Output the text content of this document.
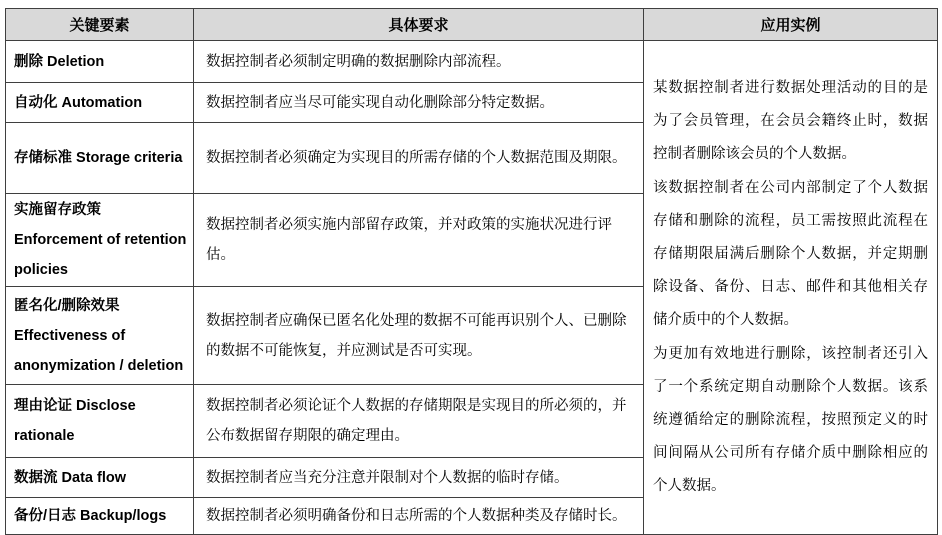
关键要素	具体要求	应用实例
删除 Deletion	数据控制者必须制定明确的数据删除内部流程。	某数据控制者进行数据处理活动的目的是为了会员管理，在会员会籍终止时，数据控制者删除该会员的个人数据。

该数据控制者在公司内部制定了个人数据存储和删除的流程，员工需按照此流程在存储期限届满后删除个人数据，并定期删除设备、备份、日志、邮件和其他相关存储介质中的个人数据。

为更加有效地进行删除，该控制者还引入了一个系统定期自动删除个人数据。该系统遵循给定的删除流程，按照预定义的时间间隔从公司所有存储介质中删除相应的个人数据。

自动化 Automation	数据控制者应当尽可能实现自动化删除部分特定数据。	
存储标准 Storage criteria	数据控制者必须确定为实现目的所需存储的个人数据范围及期限。	
实施留存政策 Enforcement of retention policies	数据控制者必须实施内部留存政策，并对政策的实施状况进行评估。	
匿名化/删除效果 Effectiveness of anonymization / deletion	数据控制者应确保已匿名化处理的数据不可能再识别个人、已删除的数据不可能恢复，并应测试是否可实现。	
理由论证 Disclose rationale	数据控制者必须论证个人数据的存储期限是实现目的所必须的，并公布数据留存期限的确定理由。	
数据流 Data flow	数据控制者应当充分注意并限制对个人数据的临时存储。	
备份/日志 Backup/logs	数据控制者必须明确备份和日志所需的个人数据种类及存储时长。	
